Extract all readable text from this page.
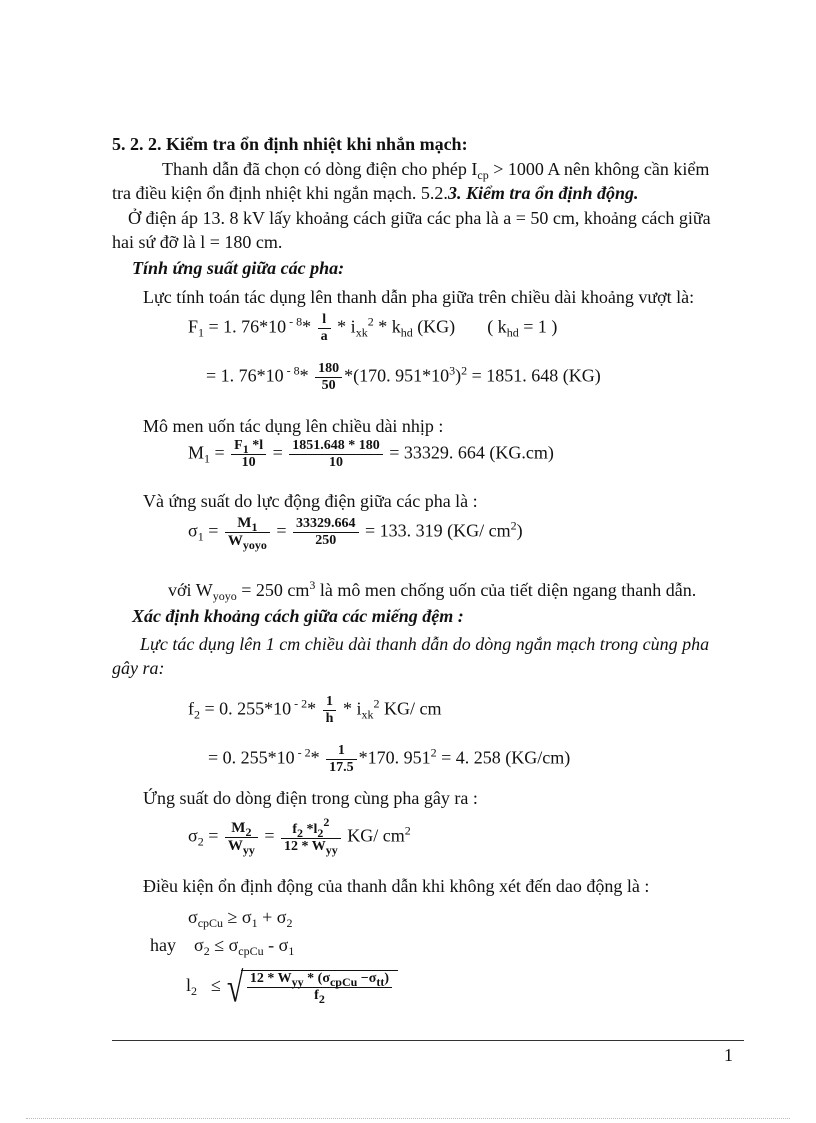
5. 2. 2. Kiểm tra ổn định nhiệt khi nhắn mạch:
Thanh dẫn đã chọn có dòng điện cho phép $I_{cp} > 1000$ A nên không cần kiểm
tra điều kiện ổn định nhiệt khi ngắn mạch. 5.2.3. Kiểm tra ổn định động.
Ở điện áp 13. 8 kV lấy khoảng cách giữa các pha là a = 50 cm, khoảng cách giữa
hai sứ đỡ là l = 180 cm.
Tính ứng suất giữa các pha:
Lực tính toán tác dụng lên thanh dẫn pha giữa trên chiều dài khoảng vượt là:
$F_1 = 1$. 76*10 $^{- 8}* \frac{l}{a} * i_{xk}^2 * k_{hd}$ (KG) ( $k_{hd} = 1$ )
= 1. 76*10 $^{- 8}* \frac{180}{50} *(170$. $951*10^3)^2 = 1851$. 648 (KG)
Mô men uốn tác dụng lên chiều dài nhịp :
$M_1 = \frac{F_1 *l}{10} = \frac{1851.648 * 180}{10} = 33329$. 664 (KG.cm)
Và ứng suất do lực động điện giữa các pha là :
$\sigma_1 = \frac{M_1}{W_{yoyo}} = \frac{33329.664}{250} = 133$. 319 (KG/ $cm^2$)
với $W_{yoyo} = 250$ $cm^3$ là mô men chống uốn của tiết diện ngang thanh dẫn.
Xác định khoảng cách giữa các miếng đệm :
Lực tác dụng lên 1 cm chiều dài thanh dẫn do dòng ngắn mạch trong cùng pha
gây ra:
$f_2 = 0$. 255*10 $^{- 2}* \frac{1}{h} * i_{xk}^2$ KG/ cm
= 0. 255*10 $^{- 2}* \frac{1}{17.5} *170$. $951^2 = 4$. 258 (KG/cm)
Ứng suất do dòng điện trong cùng pha gây ra :
$\sigma_2 = \frac{M_2}{W_{yy}} = \frac{f_2 *l_2^2}{12 * W_{yy}} KG/$ $cm^2$
Điều kiện ổn định động của thanh dẫn khi không xét đến dao động là :
$\sigma_{cpCu} \ge \sigma_1 + \sigma_2$
hay $\sigma_2 \le \sigma_{cpCu} - \sigma_1$
$l_2$ ≤ √ $\frac{12 * W_{yy} * (\sigma_{cpCu} -\sigma_{tt})}{f_2}$
1
